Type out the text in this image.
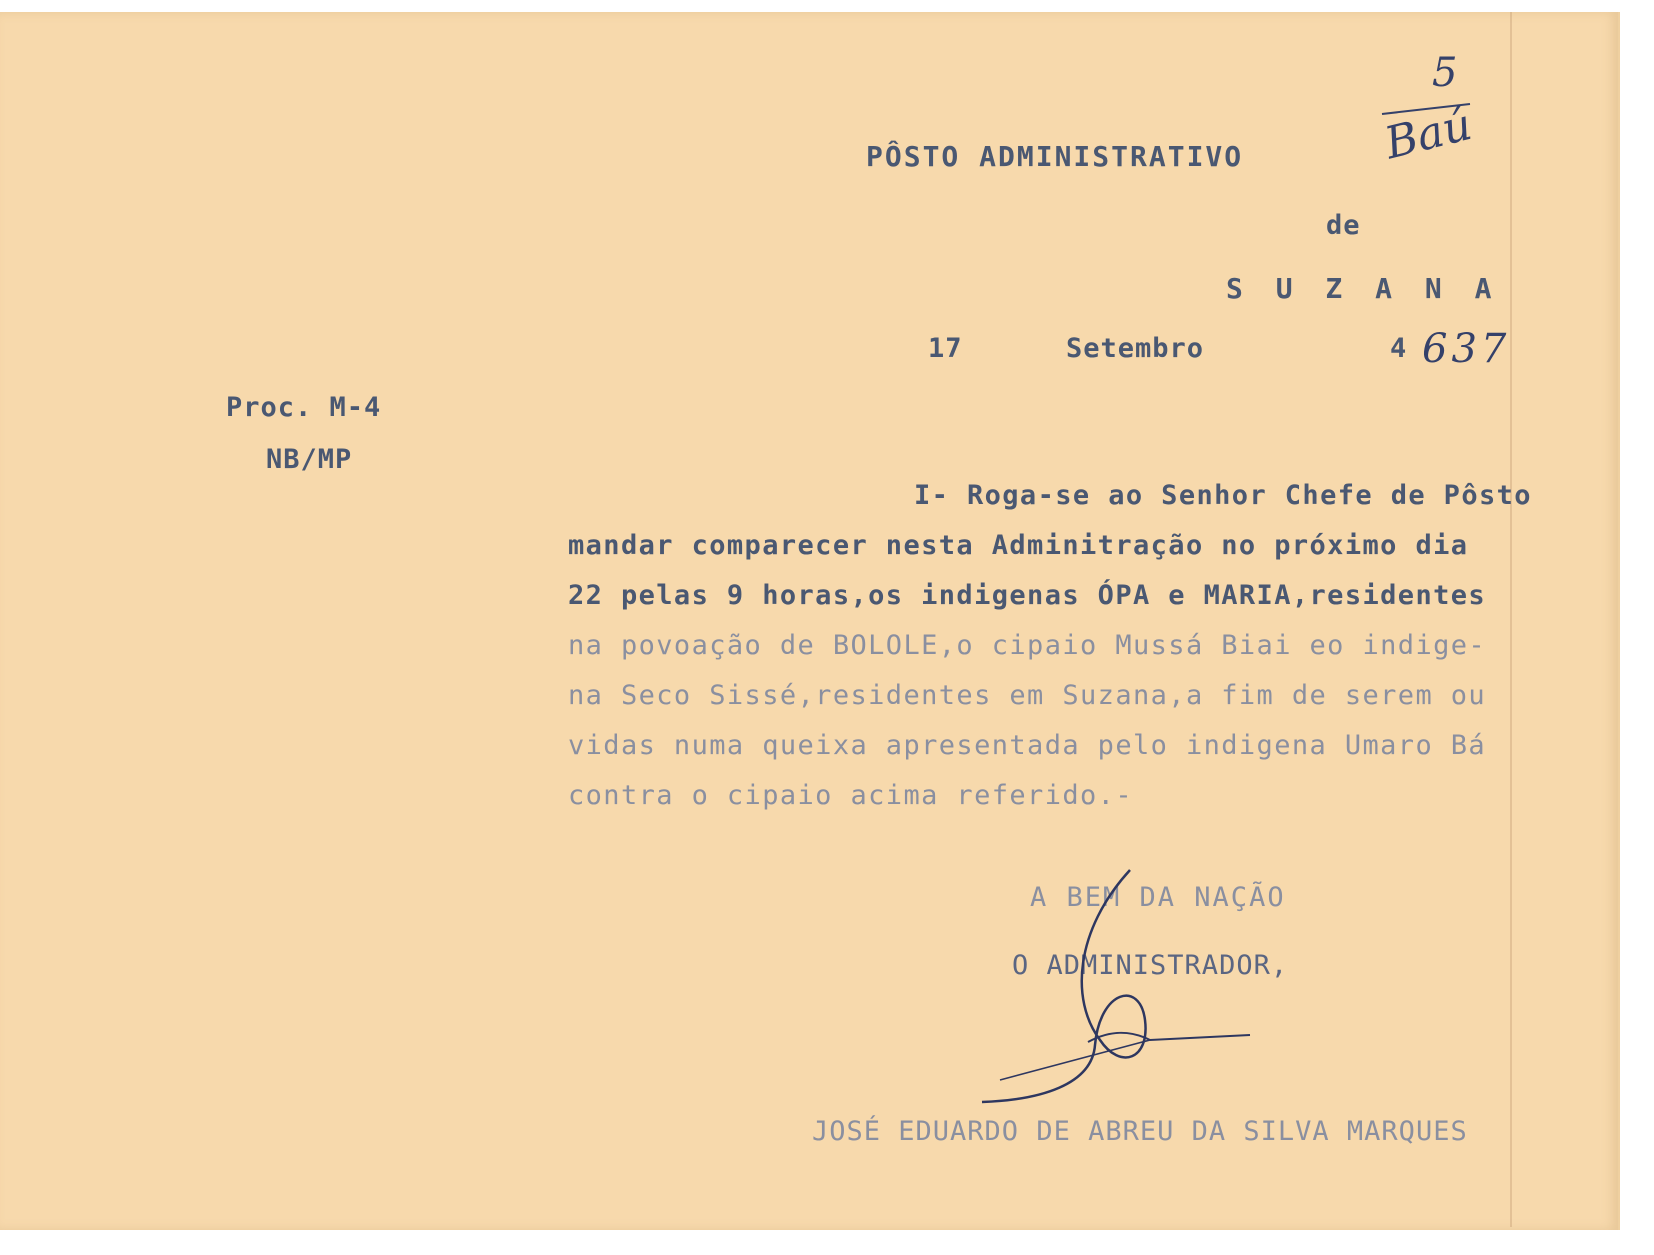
PÔSTO ADMINISTRATIVO
de
S U Z A N A
17	Setembro	4 637
5
Baú
Proc. M-4
NB/MP
I- Roga-se ao Senhor Chefe de Pôsto
mandar comparecer nesta Adminitração no próximo dia
22 pelas 9 horas,os indigenas ÓPA e MARIA,residentes
na povoação de BOLOLE,o cipaio Mussá Biai eo indige-
na Seco Sissé,residentes em Suzana,a fim de serem ou
vidas numa queixa apresentada pelo indigena Umaro Bá
contra o cipaio acima referido.-
A BEM DA NAÇÃO
O ADMINISTRADOR,
JOSÉ EDUARDO DE ABREU DA SILVA MARQUES
